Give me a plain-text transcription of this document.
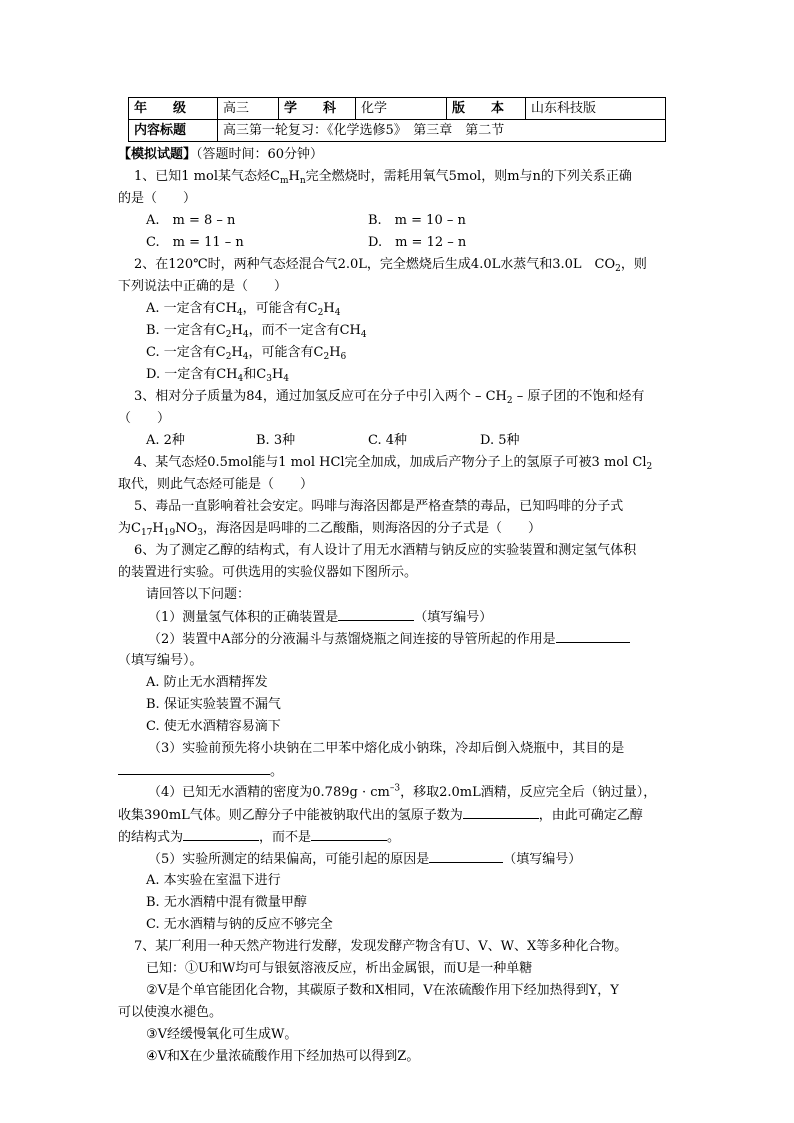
年　　级	高三	学　　科	化学	版　　本	山东科技版
内容标题	高三第一轮复习：《化学选修5》　第三章　第二节				
【模拟试题】（答题时间：60分钟）
1、已知1 mol某气态烃$C_mH_n$完全燃烧时，需耗用氧气5mol，则m与n的下列关系正确
的是（　　）
A.　m = 8 – n	B.　m = 10 – n
C.　m = 11 – n	D.　m = 12 – n
2、在120℃时，两种气态烃混合气2.0L，完全燃烧后生成4.0L水蒸气和3.0L　$CO_2$，则
下列说法中正确的是（　　）
A. 一定含有$CH_4$，可能含有$C_2H_4$
B. 一定含有$C_2H_4$，而不一定含有$CH_4$
C. 一定含有$C_2H_4$，可能含有$C_2H_6$
D. 一定含有$CH_4$和$C_3H_4$
3、相对分子质量为84，通过加氢反应可在分子中引入两个 – $CH_2$ – 原子团的不饱和烃有
（　　）
A. 2种	B. 3种	C. 4种	D. 5种
4、某气态烃0.5mol能与1 mol HCl完全加成，加成后产物分子上的氢原子可被3 mol $Cl_2$
取代，则此气态烃可能是（　　）
5、毒品一直影响着社会安定。吗啡与海洛因都是严格查禁的毒品，已知吗啡的分子式
为$C_{17}H_{19}NO_3$，海洛因是吗啡的二乙酸酯，则海洛因的分子式是（　　）
6、为了测定乙醇的结构式，有人设计了用无水酒精与钠反应的实验装置和测定氢气体积
的装置进行实验。可供选用的实验仪器如下图所示。
请回答以下问题：
（1）测量氢气体积的正确装置是	（填写编号）
（2）装置中A部分的分液漏斗与蒸馏烧瓶之间连接的导管所起的作用是
（填写编号）。
A. 防止无水酒精挥发
B. 保证实验装置不漏气
C. 使无水酒精容易滴下
（3）实验前预先将小块钠在二甲苯中熔化成小钠珠，冷却后倒入烧瓶中，其目的是
。
（4）已知无水酒精的密度为$0.789g \cdot cm^{-3}$，移取2.0mL酒精，反应完全后（钠过量），
收集390mL气体。则乙醇分子中能被钠取代出的氢原子数为	，由此可确定乙醇
的结构式为	，而不是	。
（5）实验所测定的结果偏高，可能引起的原因是	（填写编号）
A. 本实验在室温下进行
B. 无水酒精中混有微量甲醇
C. 无水酒精与钠的反应不够完全
7、某厂利用一种天然产物进行发酵，发现发酵产物含有U、V、W、X等多种化合物。
已知：①U和W均可与银氨溶液反应，析出金属银，而U是一种单糖
②V是个单官能团化合物，其碳原子数和X相同，V在浓硫酸作用下经加热得到Y，Y
可以使溴水褪色。
③V经缓慢氧化可生成W。
④V和X在少量浓硫酸作用下经加热可以得到Z。
